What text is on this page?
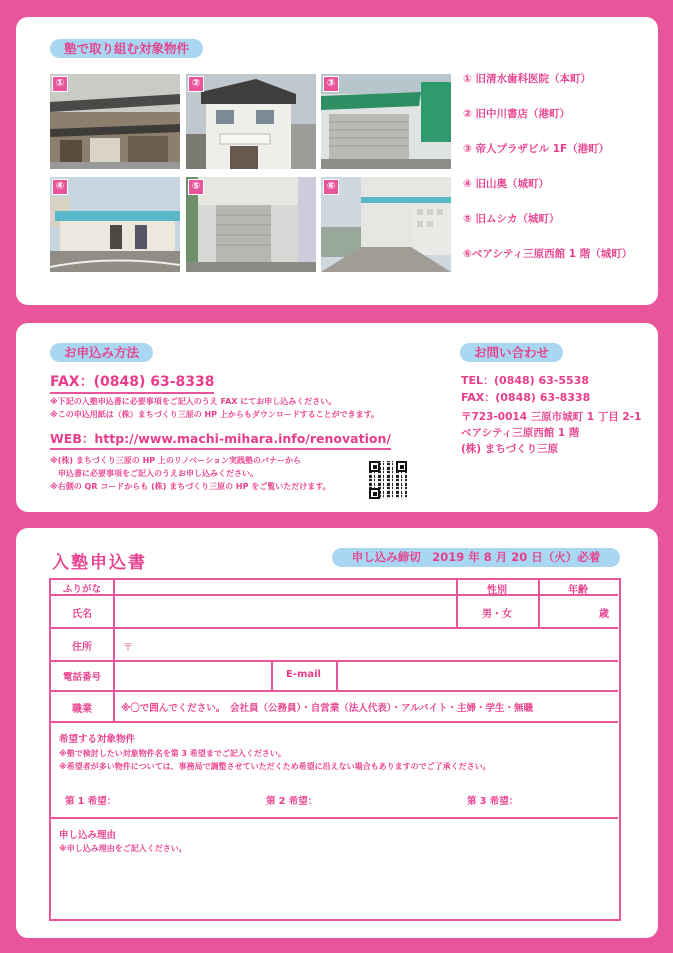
塾で取り組む対象物件
①	②	③
④	⑤	⑥
① 旧清水歯科医院（本町）
② 旧中川書店（港町）
③ 帝人プラザビル 1F（港町）
④ 旧山奥（城町）
⑤ 旧ムシカ（城町）
⑥ベアシティ三原西館 1 階（城町）
お申込み方法
FAX：(0848) 63-8338
※下記の入塾申込書に必要事項をご記入のうえ FAX にてお申し込みください。
※この申込用紙は（株）まちづくり三原の HP 上からもダウンロードすることができます。
WEB：http://www.machi-mihara.info/renovation/
※(株) まちづくり三原の HP 上のリノベーション実践塾のバナーから
　申込書に必要事項をご記入のうえお申し込みください。
※右側の QR コードからも (株) まちづくり三原の HP をご覧いただけます。
お問い合わせ
TEL：(0848) 63-5538
FAX：(0848) 63-8338
〒723-0014 三原市城町 1 丁目 2-1
ベアシティ三原西館 1 階
(株) まちづくり三原
入塾申込書	申し込み締切　2019 年 8 月 20 日（火）必着
ふりがな	性別	年齢
氏名	男・女	歳
住所	〒
電話番号	E-mail
職業	※〇で囲んでください。　会社員（公務員）・自営業（法人代表）・アルバイト・主婦・学生・無職
希望する対象物件
※塾で検討したい対象物件名を第 3 希望までご記入ください。
※希望者が多い物件については、事務局で調整させていただくため希望に沿えない場合もありますのでご了承ください。
第 1 希望：	第 2 希望：	第 3 希望：
申し込み理由
※申し込み理由をご記入ください。
